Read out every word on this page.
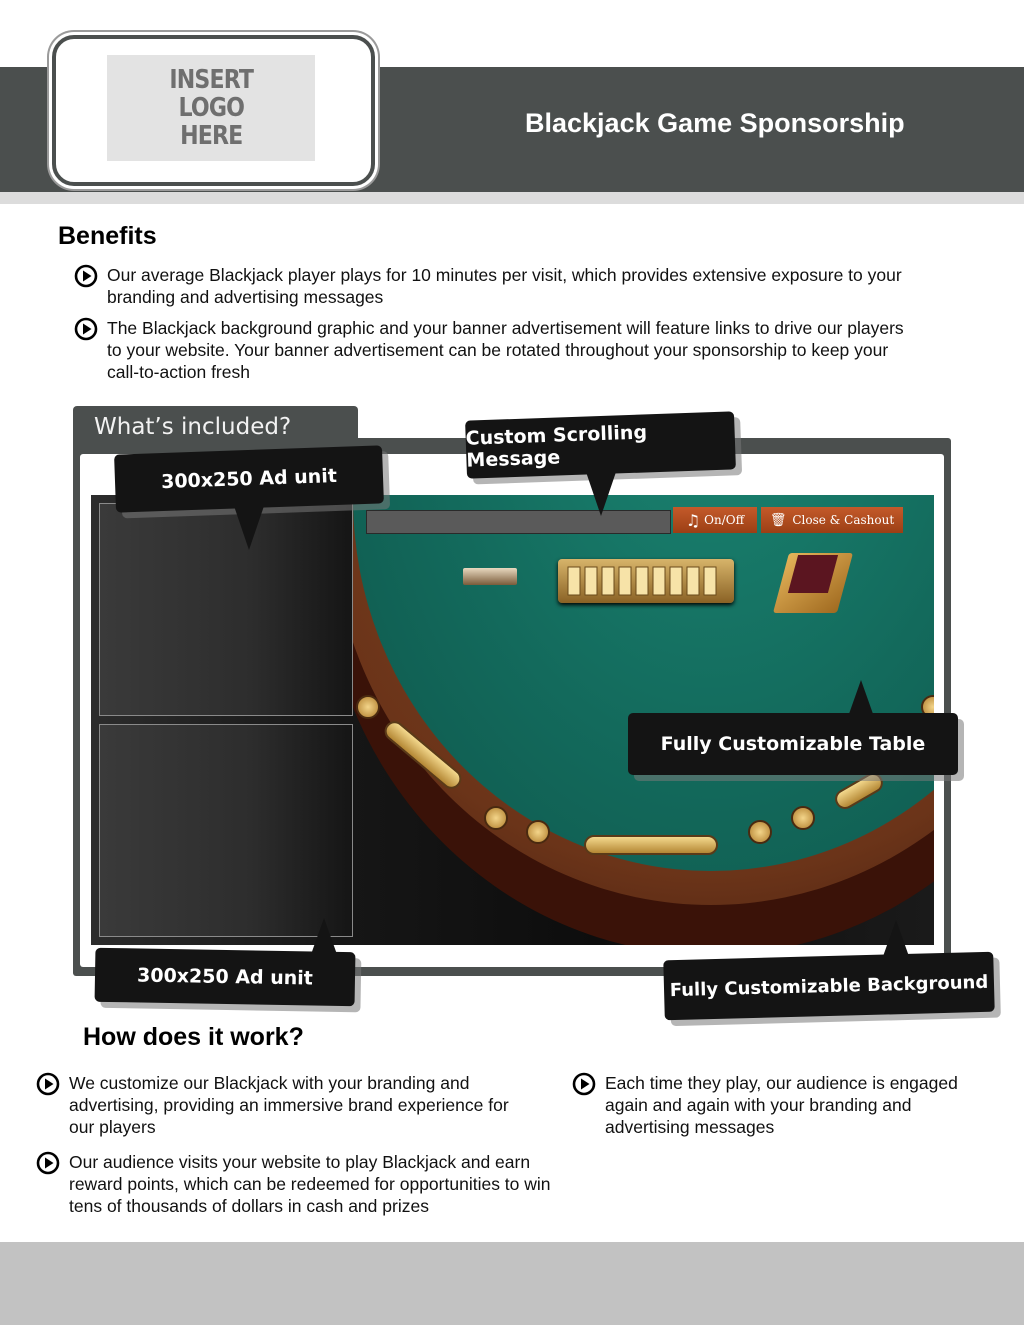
INSERT
LOGO
HERE	Blackjack Game Sponsorship
Benefits
Our average Blackjack player plays for 10 minutes per visit, which provides extensive exposure to your branding and advertising messages
The Blackjack background graphic and your banner advertisement will feature links to drive our players to your website. Your banner advertisement can be rotated throughout your sponsorship to keep your call-to-action fresh
What’s included?
♫ On/Off 🗑 Close & Cashout
300x250 Ad unit
Custom Scrolling Message
Fully Customizable Table
300x250 Ad unit	Fully Customizable Background
How does it work?
We customize our Blackjack with your branding and advertising, providing an immersive brand experience for our players
Our audience visits your website to play Blackjack and earn reward points, which can be redeemed for opportunities to win tens of thousands of dollars in cash and prizes
Each time they play, our audience is engaged again and again with your branding and advertising messages
